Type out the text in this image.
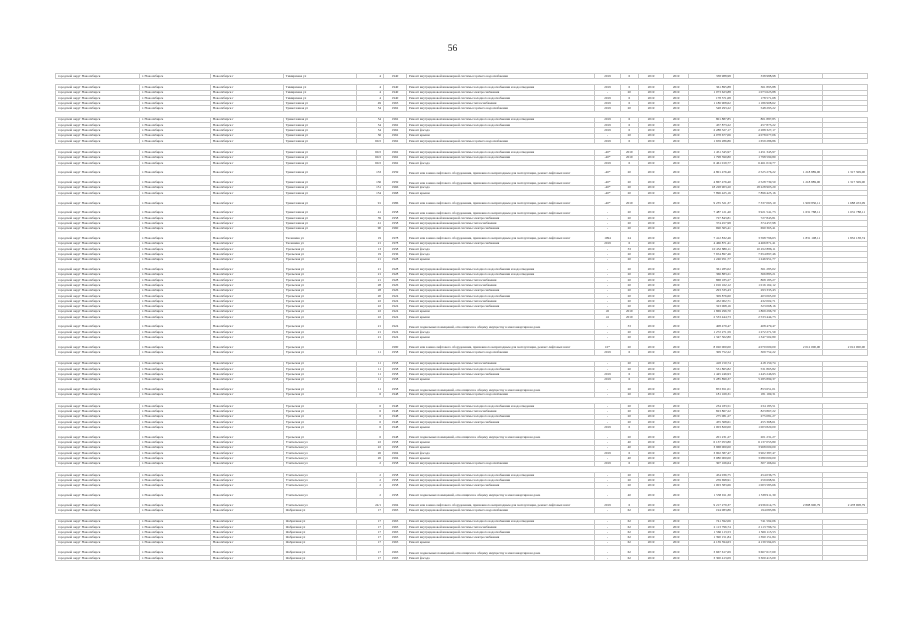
56
городской округ Новосибирск	г. Новосибирск	Новосибирск г	Тимирязева ул	4	1940	Ремонт внутридомовой инженерной системы горячего водоснабжения	2019	6	2019	2019	338 988,98	338 988,98		

городской округ Новосибирск	г. Новосибирск	Новосибирск г	Тимирязева ул	4	1940	Ремонт внутридомовой инженерной системы холодного водоснабжения и водоотведения	2019	6	2019	2019	361 895,88	361 895,88		
городской округ Новосибирск	г. Новосибирск	Новосибирск г	Тимирязева ул	4	1940	Ремонт внутридомовой инженерной системы электроснабжения	-	20	2019	2019	1 073 623,88	1 073 623,88		
городской округ Новосибирск	г. Новосибирск	Новосибирск г	Тимирязева ул	4	1940	Ремонт внутридомовой инженерной системы холодного водоснабжения	2019	6	2019	2019	178 571,68	178 571,68		
городской округ Новосибирск	г. Новосибирск	Новосибирск г	Трикотажная ул	49	1963	Ремонт внутридомовой инженерной системы теплоснабжения	2019	6	2019	2019	1 186 908,62	1 186 908,62		
городской округ Новосибирск	г. Новосибирск	Новосибирск г	Трикотажная ул	54	1962	Ремонт внутридомовой инженерной системы горячего водоснабжения	2019	20	2019	2019	548 293,22	548 293,22		

городской округ Новосибирск	г. Новосибирск	Новосибирск г	Трикотажная ул	54	1962	Ремонт внутридомовой инженерной системы холодного водоснабжения и водоотведения	2019	6	2019	2019	801 887,85	801 887,85		
городской округ Новосибирск	г. Новосибирск	Новосибирск г	Трикотажная ул	54	1962	Ремонт внутридомовой инженерной системы холодного водоснабжения	2019	6	2019	2019	457 873,22	457 873,22		
городской округ Новосибирск	г. Новосибирск	Новосибирск г	Трикотажная ул	54	1962	Ремонт фасада	2019	6	2019	2019	2 288 327,17	2 288 327,17		
городской округ Новосибирск	г. Новосибирск	Новосибирск г	Трикотажная ул	56	1962	Ремонт крыши	-	20	2019	2019	4 078 677,06	4 078 677,06		
городской округ Новосибирск	г. Новосибирск	Новосибирск г	Трикотажная ул	60/2	1962	Ремонт внутридомовой инженерной системы горячего водоснабжения	2019	6	2019	2019	1 659 286,86	1 659 286,86		

городской округ Новосибирск	г. Новосибирск	Новосибирск г	Трикотажная ул	60/2	1962	Ремонт внутридомовой инженерной системы холодного водоснабжения и водоотведения	-40*	2019	2019	2019	1 451 345,97	1 451 345,97		
городской округ Новосибирск	г. Новосибирск	Новосибирск г	Трикотажная ул	60/2	1962	Ремонт внутридомовой инженерной системы холодного водоснабжения	-40*	2019	2019	2019	1 798 590,80	1 798 590,80		
городской округ Новосибирск	г. Новосибирск	Новосибирск г	Трикотажная ул	60/2	1962	Ремонт фасада	2019	6	2019	2019	6 461 019,77	6 461 019,77		
городской округ Новосибирск	г. Новосибирск	Новосибирск г	Трикотажная ул	133	1959	Ремонт или замена лифтового оборудования, признанного непригодным для эксплуатации, ремонт лифтовых шахт	-40*	20	2019	2019	4 801 476,40	2 525 276,22	1 218 889,00	1 317 309,00
городской округ Новосибирск	г. Новосибирск	Новосибирск г	Трикотажная ул	136	1959	Ремонт или замена лифтового оборудования, признанного непригодным для эксплуатации, ремонт лифтовых шахт	-40*	20	2019	2019	4 867 476,40	2 528 739,50	1 218 889,00	1 317 309,00
городской округ Новосибирск	г. Новосибирск	Новосибирск г	Трикотажная ул	151	1966	Ремонт фасада	-40*	20	2019	2019	18 228 903,20	18 228 903,20		
городской округ Новосибирск	г. Новосибирск	Новосибирск г	Трикотажная ул	154	1968	Ремонт крыши	-40*	20	2019	2019	7 896 425,16	7 896 425,16		
городской округ Новосибирск	г. Новосибирск	Новосибирск г	Трикотажная ул	91	1986	Ремонт или замена лифтового оборудования, признанного непригодным для эксплуатации, ремонт лифтовых шахт	-40*	2019	2019	2019	9 235 521,37	7 337 063,10	1 900 850,11	1 688 453,09
городской округ Новосибирск	г. Новосибирск	Новосибирск г	Трикотажная ул	41	1958	Ремонт или замена лифтового оборудования, признанного непригодным для эксплуатации, ремонт лифтовых шахт	-	20	2019	2019	7 487 121,40	3 921 541,73	1 631 788,11	1 631 788,11
городской округ Новосибирск	г. Новосибирск	Новосибирск г	Трикотажная ул	39	1958	Ремонт внутридомовой инженерной системы электроснабжения	-	20	2019	2019	727 843,81	727 843,81		
городской округ Новосибирск	г. Новосибирск	Новосибирск г	Трикотажная ул	41	1958	Ремонт внутридомовой инженерной системы теплоснабжения	-	20	2019	2019	374 457,98	374 457,98		
городской округ Новосибирск	г. Новосибирск	Новосибирск г	Трикотажная ул	90	1960	Ремонт внутридомовой инженерной системы электроснабжения	-	20	2019	2019	690 365,41	690 365,41		
городской округ Новосибирск	г. Новосибирск	Новосибирск г	Тюленина ул	19	1978	Ремонт или замена лифтового оборудования, признанного непригодным для эксплуатации, ремонт лифтовых шахт	1994	24	2019	2019	7 412 832,46	3 598 796,63	1 831 108,11	1 832 138,74
городской округ Новосибирск	г. Новосибирск	Новосибирск г	Тюленина ул	21	1978	Ремонт внутридомовой инженерной системы электроснабжения	2019	6	2019	2019	4 466 871,41	4 466 871,41		
городской округ Новосибирск	г. Новосибирск	Новосибирск г	Уральская ул	13	1958	Ремонт фасада	-	33	2019	2019	10 452 886,11	10 452 886,11		
городской округ Новосибирск	г. Новосибирск	Новосибирск г	Уральская ул	19	1936	Ремонт фасада	-	20	2019	2019	7 654 897,46	7 654 897,46		
городской округ Новосибирск	г. Новосибирск	Новосибирск г	Уральская ул	21	1928	Ремонт крыши	-	20	2019	2019	1 246 951,77	1 246 951,77		
городской округ Новосибирск	г. Новосибирск	Новосибирск г	Уральская ул	21	1928	Ремонт внутридомовой инженерной системы холодного водоснабжения и водоотведения	-	20	2019	2019	361 285,02	361 285,02		
городской округ Новосибирск	г. Новосибирск	Новосибирск г	Уральская ул	21	1928	Ремонт внутридомовой инженерной системы холодного водоснабжения и водоотведения	-	20	2019	2019	366 883,21	366 883,21		
городской округ Новосибирск	г. Новосибирск	Новосибирск г	Уральская ул	21	1928	Ремонт внутридомовой инженерной системы теплоснабжения	-	20	2019	2019	868 185,27	868 185,27		
городской округ Новосибирск	г. Новосибирск	Новосибирск г	Уральская ул	28	1926	Ремонт внутридомовой инженерной системы теплоснабжения	-	20	2019	2019	1 016 162,12	1 016 162,12		
городской округ Новосибирск	г. Новосибирск	Новосибирск г	Уральская ул	28	1926	Ремонт внутридомовой инженерной системы электроснабжения	-	20	2019	2019	293 335,43	293 335,43		
городской округ Новосибирск	г. Новосибирск	Новосибирск г	Уральская ул	20	1924	Ремонт внутридомовой инженерной системы холодного водоснабжения	-	20	2019	2019	309 876,60	403 065,00		
городской округ Новосибирск	г. Новосибирск	Новосибирск г	Уральская ул	22	1924	Ремонт внутридомовой инженерной системы теплоснабжения	-	20	2019	2019	432 002,71	432 002,71		
городской округ Новосибирск	г. Новосибирск	Новосибирск г	Уральская ул	22	1924	Ремонт внутридомовой инженерной системы электроснабжения	-	20	2019	2019	323 068,16	323 068,16		
городской округ Новосибирск	г. Новосибирск	Новосибирск г	Уральская ул	22	1924	Ремонт крыши	45	2019	2019	2019	1 869 296,70	1 869 296,70		
городской округ Новосибирск	г. Новосибирск	Новосибирск г	Уральская ул	22	1924	Ремонт крыши	41	2019	2019	2019	2 533 444,73	2 533 444,73		
городской округ Новосибирск	г. Новосибирск	Новосибирск г	Уральская ул	21	1924	Ремонт подвальных помещений, относящихся к общему имуществу в многоквартирном доме	-	33	2019	2019	408 479,47	408 479,47		
городской округ Новосибирск	г. Новосибирск	Новосибирск г	Уральская ул	21	1924	Ремонт фасада	-	20	2019	2019	1 272 271,59	1 272 271,59		
городской округ Новосибирск	г. Новосибирск	Новосибирск г	Уральская ул	21	1924	Ремонт крыши	-	20	2019	2019	1 347 502,80	1 347 502,80		
городской округ Новосибирск	г. Новосибирск	Новосибирск г	Уральская ул		1990	Ремонт или замена лифтового оборудования, признанного непригодным для эксплуатации, ремонт лифтовых шахт	10*	20	2019	2019	8 020 000,00	4 070 000,00	2 012 000,00	2 012 000,00
городской округ Новосибирск	г. Новосибирск	Новосибирск г	Уральская ул	11	1958	Ремонт внутридомовой инженерной системы горячего водоснабжения	2019	6	2019	2019	309 752,22	309 752,22		

городской округ Новосибирск	г. Новосибирск	Новосибирск г	Уральская ул	11	1958	Ремонт внутридомовой инженерной системы теплоснабжения	-	20	2019	2019	418 150,74	418 150,74		
городской округ Новосибирск	г. Новосибирск	Новосибирск г	Уральская ул	11	1958	Ремонт внутридомовой инженерной системы холодного водоснабжения	-	20	2019	2019	531 865,82	531 865,82		
городской округ Новосибирск	г. Новосибирск	Новосибирск г	Уральская ул	11	1958	Ремонт внутридомовой инженерной системы электроснабжения	2019	6	2019	2019	1 445 246,93	1 445 246,93		
городской округ Новосибирск	г. Новосибирск	Новосибирск г	Уральская ул	11	1958	Ремонт крыши	2019	6	2019	2019	5 285 899,37	5 285 899,37		
городской округ Новосибирск	г. Новосибирск	Новосибирск г	Уральская ул	11	1958	Ремонт подвальных помещений, относящихся к общему имуществу в многоквартирном доме	-	20	2019	2019	853 651,01	853 651,01		
городской округ Новосибирск	г. Новосибирск	Новосибирск г	Уральская ул	6	1948	Ремонт внутридомовой инженерной системы горячего водоснабжения	-	20	2019	2019	181 169,31	181 169,31		

городской округ Новосибирск	г. Новосибирск	Новосибирск г	Уральская ул	6	1948	Ремонт внутридомовой инженерной системы холодного водоснабжения и водоотведения	-	20	2019	2019	234 183,51	234 183,51		
городской округ Новосибирск	г. Новосибирск	Новосибирск г	Уральская ул	6	1948	Ремонт внутридомовой инженерной системы теплоснабжения	-	20	2019	2019	823 867,22	823 867,22		
городской округ Новосибирск	г. Новосибирск	Новосибирск г	Уральская ул	6	1948	Ремонт внутридомовой инженерной системы холодного водоснабжения	-	20	2019	2019	275 081,27	275 081,27		
городской округ Новосибирск	г. Новосибирск	Новосибирск г	Уральская ул	6	1948	Ремонт внутридомовой инженерной системы электроснабжения	-	20	2019	2019	455 368,61	455 368,61		
городской округ Новосибирск	г. Новосибирск	Новосибирск г	Уральская ул	6	1948	Ремонт крыши	2019	6	2019	2019	1 003 820,00	1 003 820,00		
городской округ Новосибирск	г. Новосибирск	Новосибирск г	Уральская ул	6	1948	Ремонт подвальных помещений, относящихся к общему имуществу в многоквартирном доме	-	20	2019	2019	201 231,27	201 231,27		
городской округ Новосибирск	г. Новосибирск	Новосибирск г	Учительская ул	22	1958	Ремонт крыши	-	40	2019	2019	6 137 053,80	6 137 053,80		
городской округ Новосибирск	г. Новосибирск	Новосибирск г	Учительская ул	22	1958	Ремонт крыши	-	40	2019	2019	3 968 000,00	3 968 000,00		
городской округ Новосибирск	г. Новосибирск	Новосибирск г	Учительская ул	26	1994	Ремонт фасада	2019	6	2019	2019	3 902 387,47	3 902 387,47		
городской округ Новосибирск	г. Новосибирск	Новосибирск г	Учительская ул	26	1994	Ремонт крыши	-	40	2019	2019	3 080 000,00	3 080 000,00		
городской округ Новосибирск	г. Новосибирск	Новосибирск г	Учительская ул	2	1958	Ремонт внутридомовой инженерной системы горячего водоснабжения	2019	6	2019	2019	307 166,64	307 166,64		

городской округ Новосибирск	г. Новосибирск	Новосибирск г	Учительская ул	2	1958	Ремонт внутридомовой инженерной системы холодного водоснабжения и водоотведения	-	20	2019	2019	454 036,75	454 036,75		
городской округ Новосибирск	г. Новосибирск	Новосибирск г	Учительская ул	2	1958	Ремонт внутридомовой инженерной системы холодного водоснабжения	-	20	2019	2019	259 698,91	259 698,91		
городской округ Новосибирск	г. Новосибирск	Новосибирск г	Учительская ул	2	1958	Ремонт внутридомовой инженерной системы электроснабжения	-	20	2019	2019	1 003 583,66	1 003 583,66		
городской округ Новосибирск	г. Новосибирск	Новосибирск г	Учительская ул	2	1958	Ремонт подвальных помещений, относящихся к общему имуществу в многоквартирном доме	-	40	2019	2019	1 538 911,30	1 538 911,30		
городской округ Новосибирск	г. Новосибирск	Новосибирск г	Учительская ул	24/1	1994	Ремонт или замена лифтового оборудования, признанного непригодным для эксплуатации, ремонт лифтовых шахт	2019	6	2019	2019	9 217 279,37	4 936 614,75	2 808 900,79	2 478 908,79
городской округ Новосибирск	г. Новосибирск	Новосибирск г	Фабричная ул	17	1963	Ремонт внутридомовой инженерной системы горячего водоснабжения	-	62	2019	2019	194 083,86	194 083,86		

городской округ Новосибирск	г. Новосибирск	Новосибирск г	Фабричная ул	17	1963	Ремонт внутридомовой инженерной системы холодного водоснабжения и водоотведения	-	62	2019	2019	741 592,06	741 592,06		
городской округ Новосибирск	г. Новосибирск	Новосибирск г	Фабричная ул	17	1963	Ремонт внутридомовой инженерной системы теплоснабжения	-	62	2019	2019	2 113 796,74	2 113 796,74		
городской округ Новосибирск	г. Новосибирск	Новосибирск г	Фабричная ул	17	1963	Ремонт внутридомовой инженерной системы холодного водоснабжения	-	62	2019	2019	1 566 113,53	1 566 113,53		
городской округ Новосибирск	г. Новосибирск	Новосибирск г	Фабричная ул	17	1963	Ремонт внутридомовой инженерной системы электроснабжения	-	62	2019	2019	1 390 151,84	1 390 151,84		
городской округ Новосибирск	г. Новосибирск	Новосибирск г	Фабричная ул	17	1963	Ремонт крыши	-	62	2019	2019	4 139 594,63	4 139 594,63		
городской округ Новосибирск	г. Новосибирск	Новосибирск г	Фабричная ул	17	1963	Ремонт подвальных помещений, относящихся к общему имуществу в многоквартирном доме	-	62	2019	2019	3 667 617,69	3 667 617,69		
городской округ Новосибирск	г. Новосибирск	Новосибирск г	Фабричная ул	17	1963	Ремонт фасада	-	62	2019	2019	3 300 413,09	3 300 413,09		
